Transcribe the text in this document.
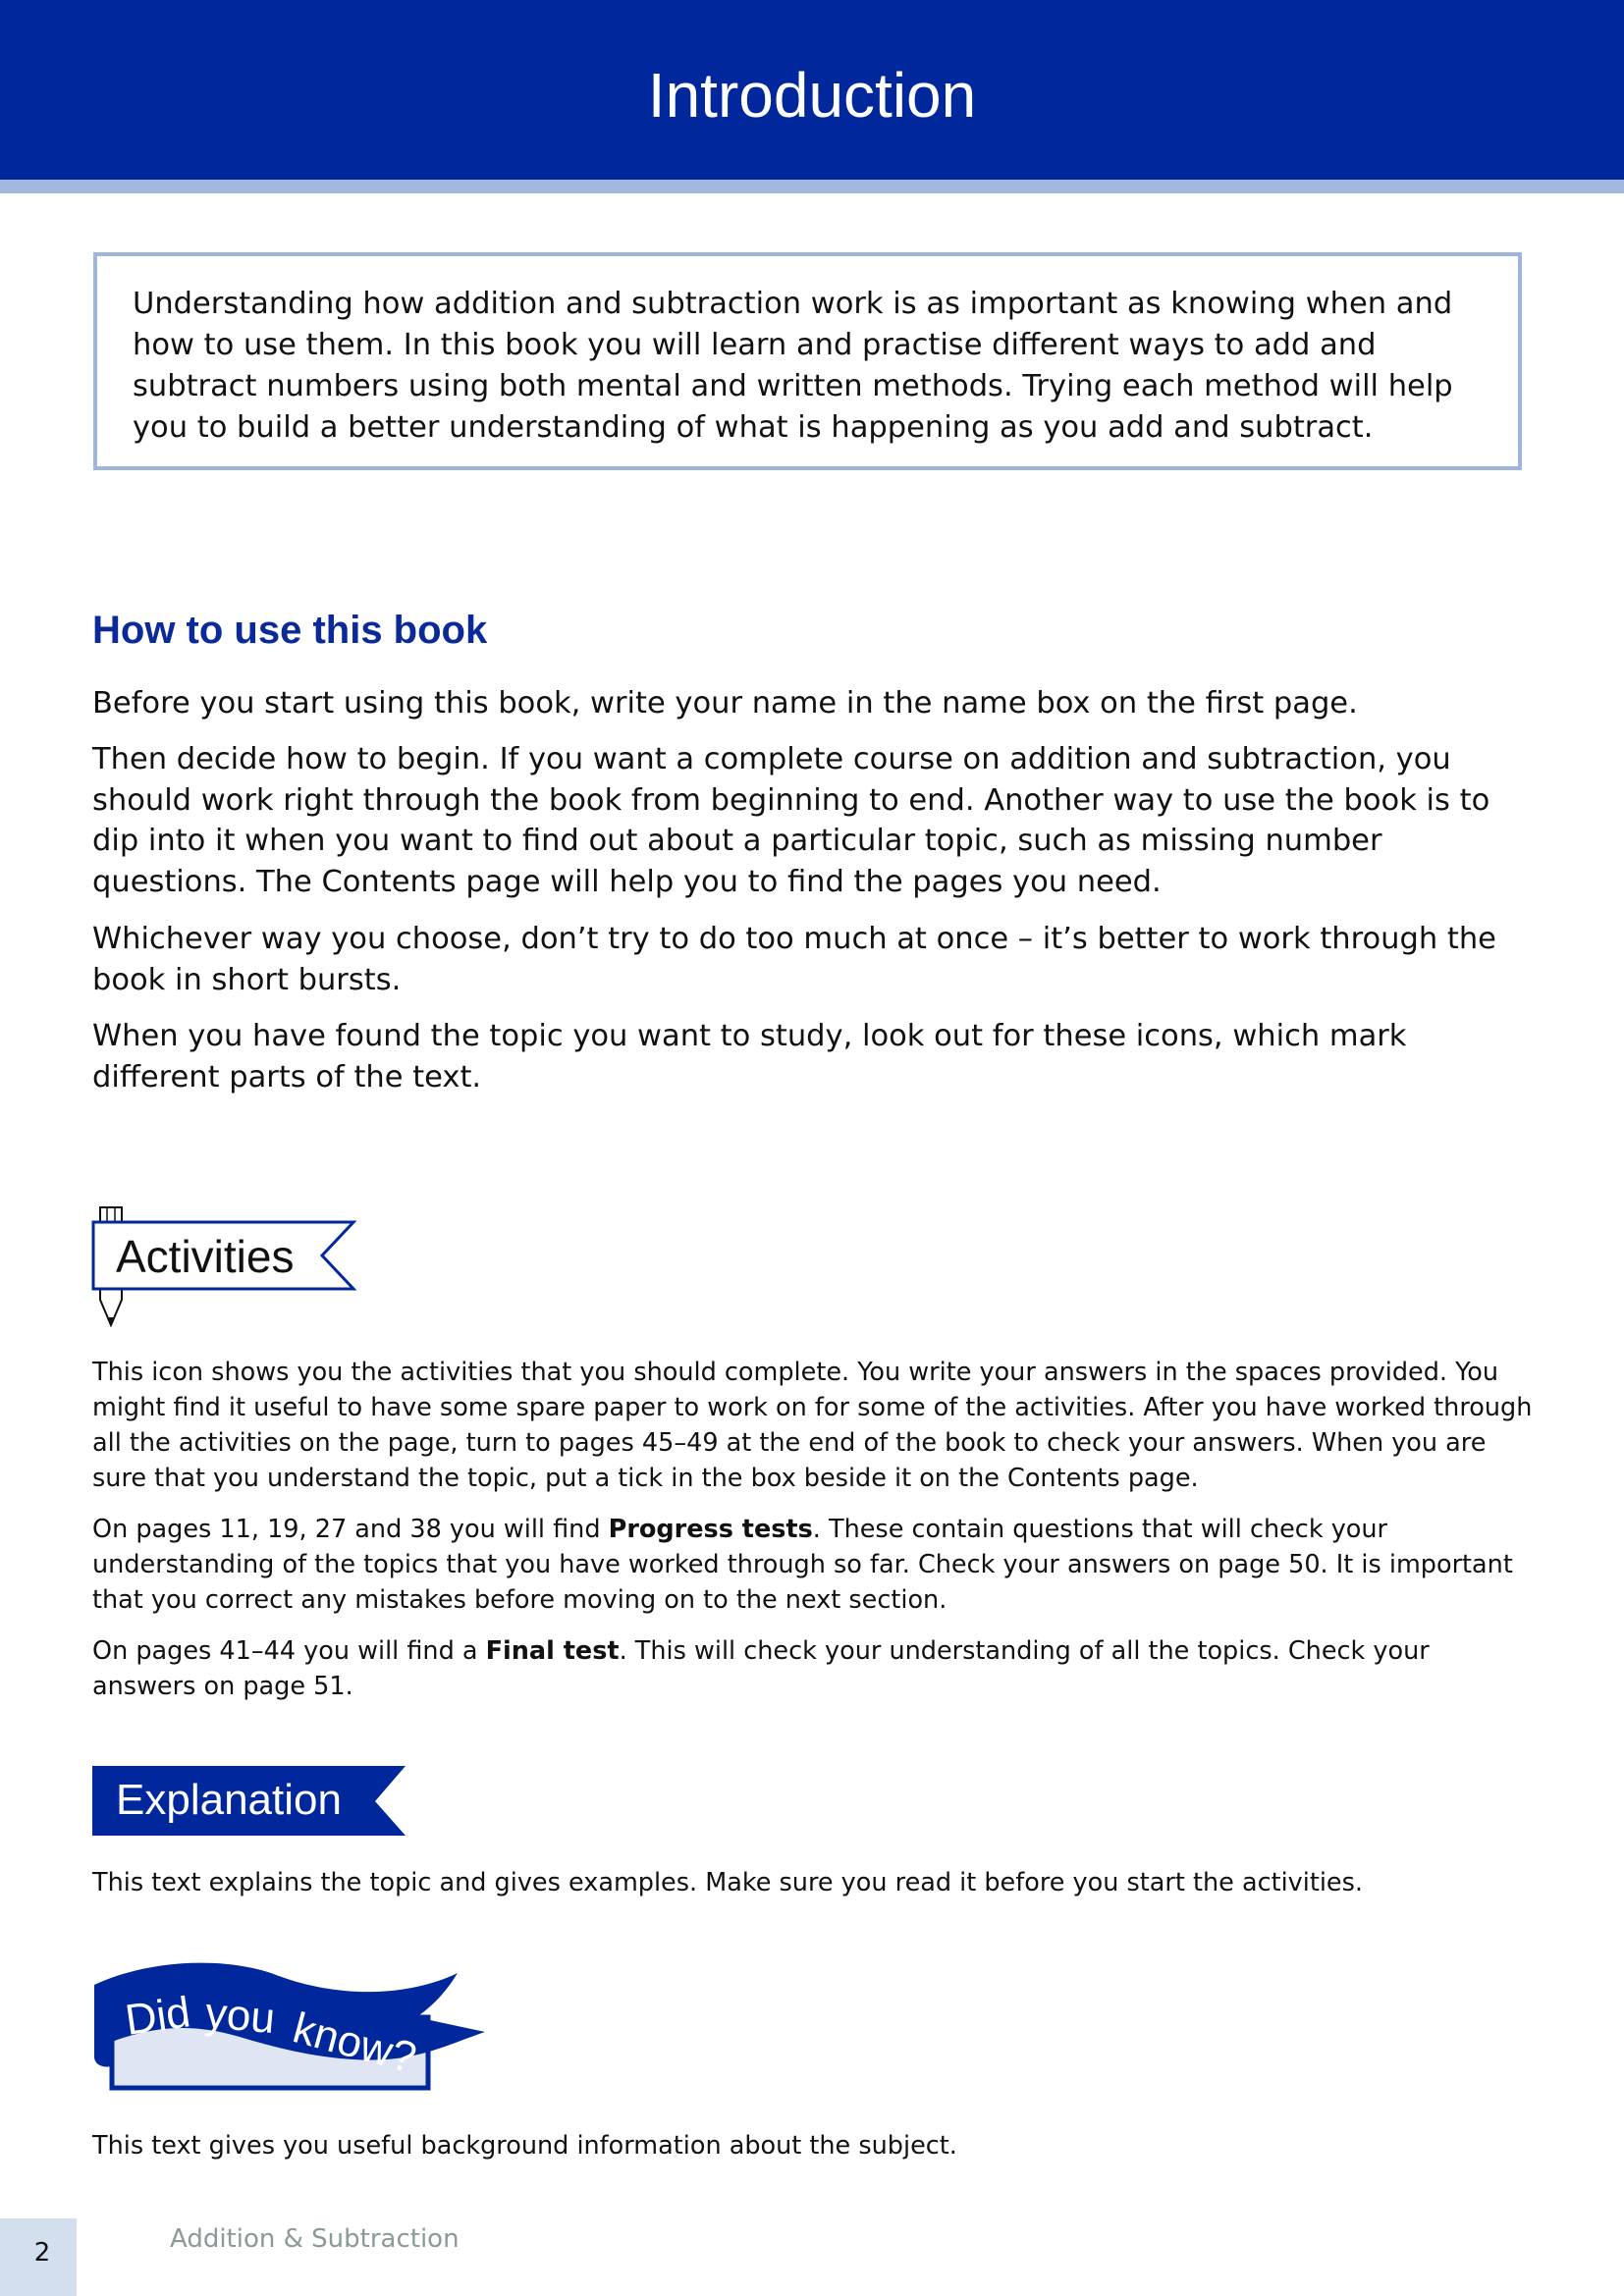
Introduction
Understanding how addition and subtraction work is as important as knowing when and how to use them. In this book you will learn and practise different ways to add and subtract numbers using both mental and written methods. Trying each method will help you to build a better understanding of what is happening as you add and subtract.
How to use this book
Before you start using this book, write your name in the name box on the first page.
Then decide how to begin. If you want a complete course on addition and subtraction, you should work right through the book from beginning to end. Another way to use the book is to dip into it when you want to find out about a particular topic, such as missing number questions. The Contents page will help you to find the pages you need.
Whichever way you choose, don’t try to do too much at once – it’s better to work through the book in short bursts.
When you have found the topic you want to study, look out for these icons, which mark different parts of the text.
Activities
This icon shows you the activities that you should complete. You write your answers in the spaces provided. You might find it useful to have some spare paper to work on for some of the activities. After you have worked through all the activities on the page, turn to pages 45–49 at the end of the book to check your answers. When you are sure that you understand the topic, put a tick in the box beside it on the Contents page.
On pages 11, 19, 27 and 38 you will find Progress tests. These contain questions that will check your understanding of the topics that you have worked through so far. Check your answers on page 50. It is important that you correct any mistakes before moving on to the next section.
On pages 41–44 you will find a Final test. This will check your understanding of all the topics. Check your answers on page 51.
Explanation
This text explains the topic and gives examples. Make sure you read it before you start the activities.
Did you know?
This text gives you useful background information about the subject.
2	Addition & Subtraction
